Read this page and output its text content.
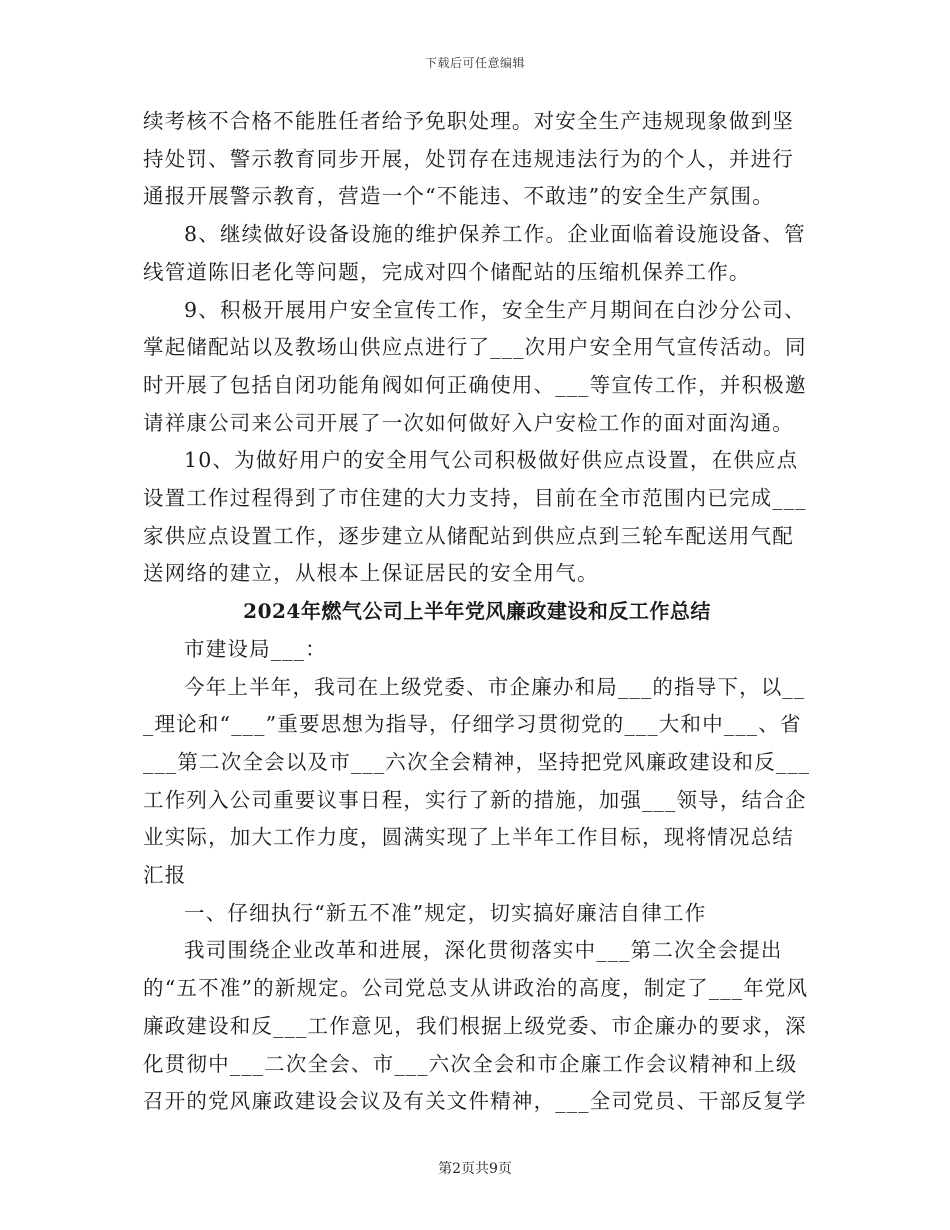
下载后可任意编辑

续考核不合格不能胜任者给予免职处理。对安全生产违规现象做到坚持处罚、警示教育同步开展，处罚存在违规违法行为的个人，并进行通报开展警示教育，营造一个“不能违、不敢违”的安全生产氛围。

8、继续做好设备设施的维护保养工作。企业面临着设施设备、管线管道陈旧老化等问题，完成对四个储配站的压缩机保养工作。

9、积极开展用户安全宣传工作，安全生产月期间在白沙分公司、掌起储配站以及教场山供应点进行了___次用户安全用气宣传活动。同时开展了包括自闭功能角阀如何正确使用、___等宣传工作，并积极邀请祥康公司来公司开展了一次如何做好入户安检工作的面对面沟通。

10、为做好用户的安全用气公司积极做好供应点设置，在供应点设置工作过程得到了市住建的大力支持，目前在全市范围内已完成___家供应点设置工作，逐步建立从储配站到供应点到三轮车配送用气配送网络的建立，从根本上保证居民的安全用气。

2024年燃气公司上半年党风廉政建设和反工作总结

市建设局___：

今年上半年，我司在上级党委、市企廉办和局___的指导下，以___理论和“___”重要思想为指导，仔细学习贯彻党的___大和中___、省___第二次全会以及市___六次全会精神，坚持把党风廉政建设和反___工作列入公司重要议事日程，实行了新的措施，加强___领导，结合企业实际，加大工作力度，圆满实现了上半年工作目标，现将情况总结汇报

一、仔细执行“新五不准”规定，切实搞好廉洁自律工作

我司围绕企业改革和进展，深化贯彻落实中___第二次全会提出的“五不准”的新规定。公司党总支从讲政治的高度，制定了___年党风廉政建设和反___工作意见，我们根据上级党委、市企廉办的要求，深化贯彻中___二次全会、市___六次全会和市企廉工作会议精神和上级召开的党风廉政建设会议及有关文件精神，___全司党员、干部反复学

第2页共9页
